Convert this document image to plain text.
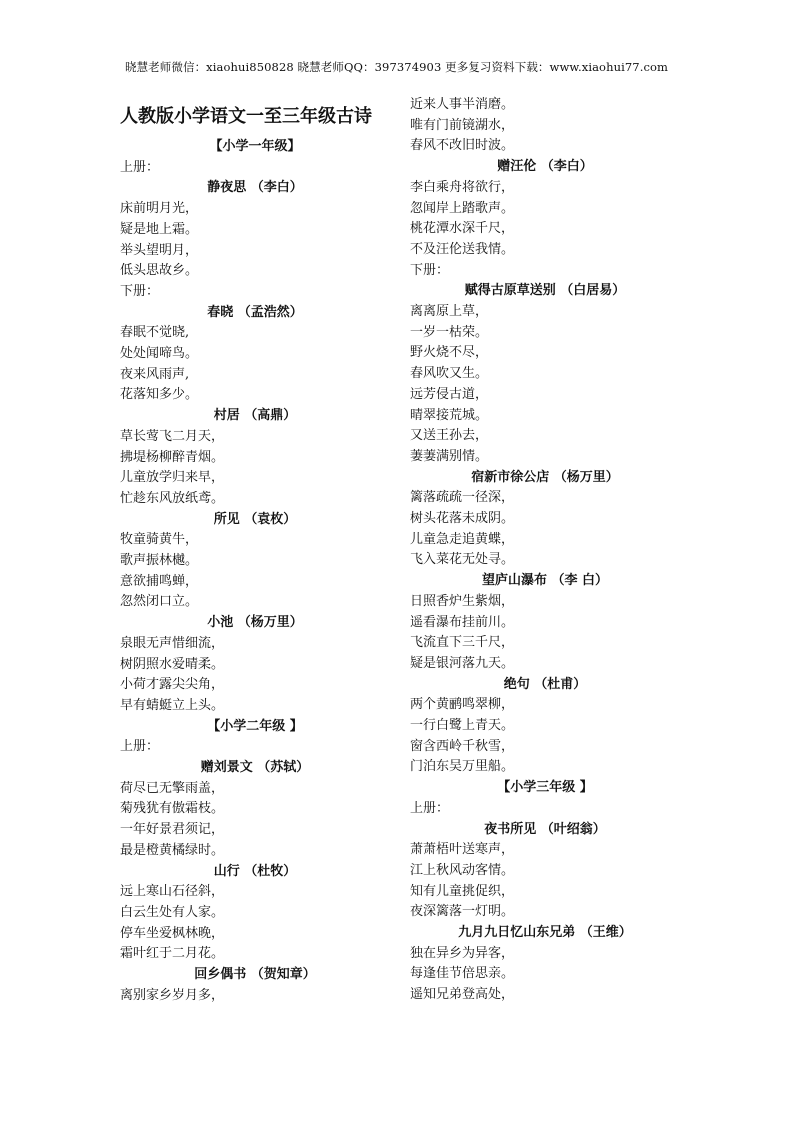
晓慧老师微信：xiaohui850828 晓慧老师QQ：397374903 更多复习资料下载：www.xiaohui77.com
人教版小学语文一至三年级古诗
【小学一年级】
上册：
静夜思 （李白）
床前明月光，
疑是地上霜。
举头望明月，
低头思故乡。
下册：
春晓 （孟浩然）
春眠不觉晓,
处处闻啼鸟。
夜来风雨声,
花落知多少。
村居 （高鼎）
草长莺飞二月天，
拂堤杨柳醉青烟。
儿童放学归来早，
忙趁东风放纸鸢。
所见 （袁枚）
牧童骑黄牛，
歌声振林樾。
意欲捕鸣蝉，
忽然闭口立。
小池 （杨万里）
泉眼无声惜细流，
树阴照水爱晴柔。
小荷才露尖尖角，
早有蜻蜓立上头。
【小学二年级 】
上册：
赠刘景文 （苏轼）
荷尽已无擎雨盖，
菊残犹有傲霜枝。
一年好景君须记，
最是橙黄橘绿时。
山行 （杜牧）
远上寒山石径斜，
白云生处有人家。
停车坐爱枫林晚，
霜叶红于二月花。
回乡偶书 （贺知章）
离别家乡岁月多，
近来人事半消磨。
唯有门前镜湖水，
春风不改旧时波。
赠汪伦 （李白）
李白乘舟将欲行，
忽闻岸上踏歌声。
桃花潭水深千尺，
不及汪伦送我情。
下册：
赋得古原草送别 （白居易）
离离原上草，
一岁一枯荣。
野火烧不尽，
春风吹又生。
远芳侵古道，
晴翠接荒城。
又送王孙去，
萋萋满别情。
宿新市徐公店 （杨万里）
篱落疏疏一径深，
树头花落未成阴。
儿童急走追黄蝶，
飞入菜花无处寻。
望庐山瀑布 （李 白）
日照香炉生紫烟，
遥看瀑布挂前川。
飞流直下三千尺，
疑是银河落九天。
绝句 （杜甫）
两个黄鹂鸣翠柳，
一行白鹭上青天。
窗含西岭千秋雪，
门泊东吴万里船。
【小学三年级 】
上册：
夜书所见 （叶绍翁）
萧萧梧叶送寒声，
江上秋风动客情。
知有儿童挑促织，
夜深篱落一灯明。
九月九日忆山东兄弟 （王维）
独在异乡为异客，
每逢佳节倍思亲。
遥知兄弟登高处，
